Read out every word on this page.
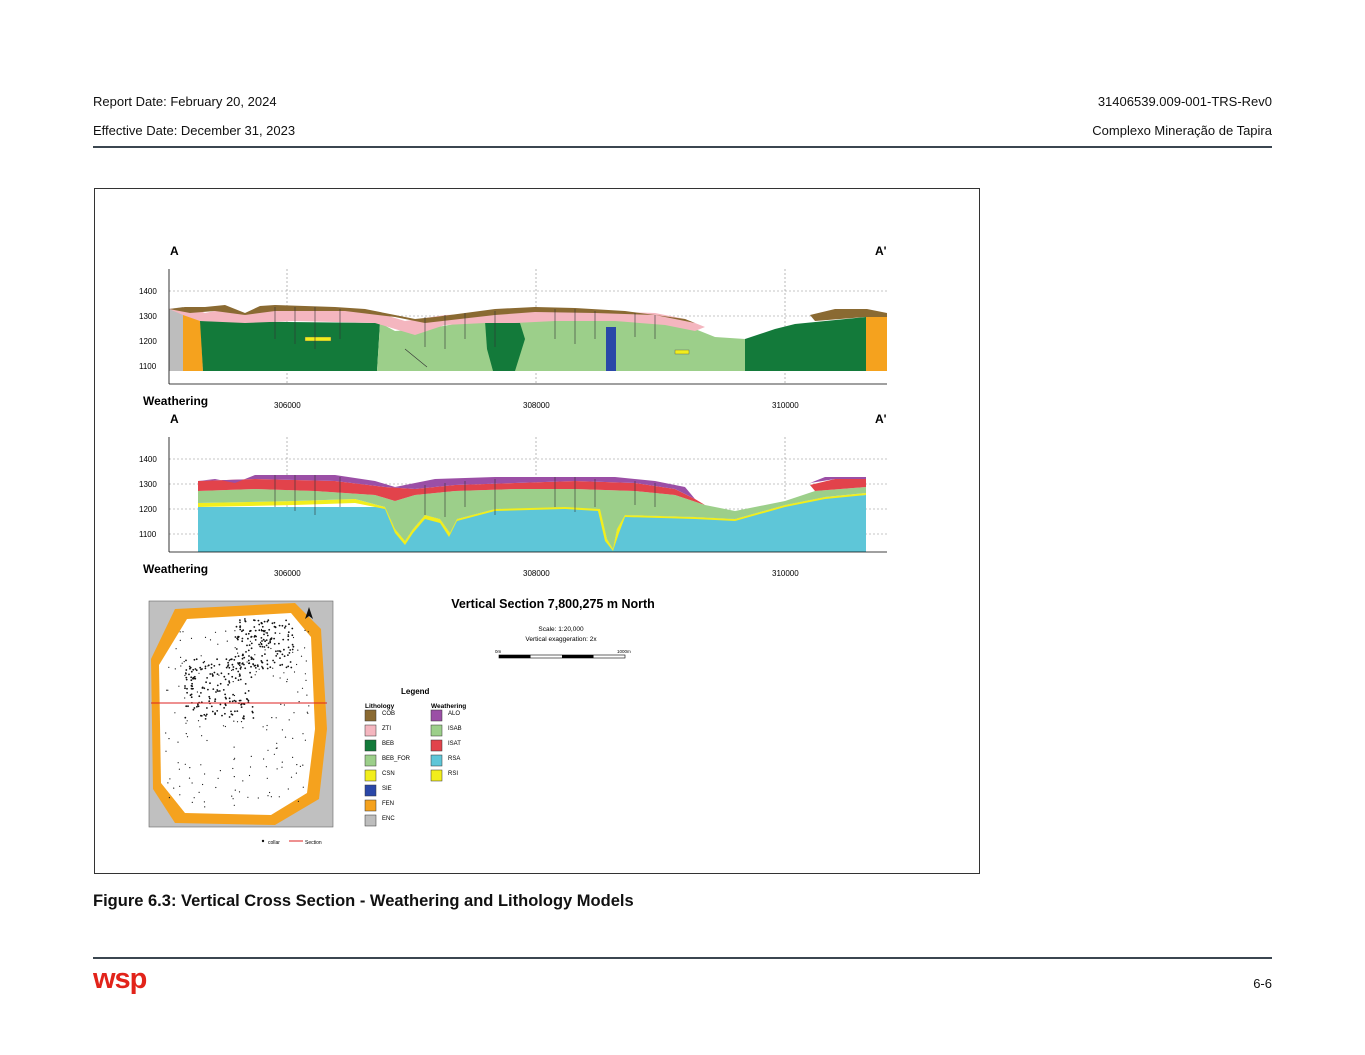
Report Date: February 20, 2024
Effective Date: December 31, 2023
31406539.009-001-TRS-Rev0
Complexo Mineração de Tapira
A	A'
1400
1300
1200
1100
306000	308000	310000
Weathering
A	A'
1400
1300
1200
1100
306000	308000	310000
Weathering
collar	Section
Vertical Section 7,800,275 m North
Scale: 1:20,000
Vertical exaggeration: 2x
0m	1000m
Legend
Lithology	Weathering
COB
ZTI
BEB
BEB_FOR
CSN
SIE
FEN
ENC
ALO
ISAB
ISAT
RSA
RSI
Figure 6.3: Vertical Cross Section - Weathering and Lithology Models
wsp	6-6
